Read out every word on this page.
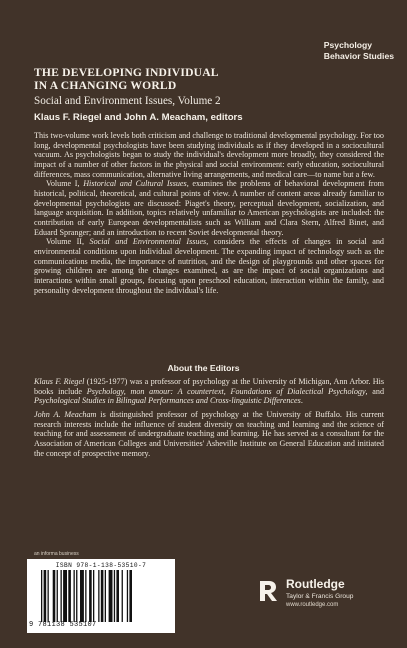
Psychology
Behavior Studies
THE DEVELOPING INDIVIDUAL
IN A CHANGING WORLD
Social and Environment Issues, Volume 2
Klaus F. Riegel and John A. Meacham, editors

This two-volume work levels both criticism and challenge to traditional developmental psychology. For too long, developmental psychologists have been studying individuals as if they developed in a sociocultural vacuum. As psychologists began to study the individual's development more broadly, they considered the impact of a number of other factors in the physical and social environment: early education, sociocultural differences, mass communication, alternative living arrangements, and medical care—to name but a few.

Volume I, Historical and Cultural Issues, examines the problems of behavioral development from historical, political, theoretical, and cultural points of view. A number of content areas already familiar to developmental psychologists are discussed: Piaget's theory, perceptual development, socialization, and language acquisition. In addition, topics relatively unfamiliar to American psychologists are included: the contribution of early European developmentalists such as William and Clara Stern, Alfred Binet, and Eduard Spranger; and an introduction to recent Soviet developmental theory.

Volume II, Social and Environmental Issues, considers the effects of changes in social and environmental conditions upon individual development. The expanding impact of technology such as the communications media, the importance of nutrition, and the design of playgrounds and other spaces for growing children are among the changes examined, as are the impact of social organizations and interactions within small groups, focusing upon preschool education, interaction within the family, and personality development throughout the individual's life.

About the Editors

Klaus F. Riegel (1925-1977) was a professor of psychology at the University of Michigan, Ann Arbor. His books include Psychology, mon amour: A countertext, Foundations of Dialectical Psychology, and Psychological Studies in Bilingual Performances and Cross-linguistic Differences.

John A. Meacham is distinguished professor of psychology at the University of Buffalo. His current research interests include the influence of student diversity on teaching and learning and the science of teaching for and assessment of undergraduate teaching and learning. He has served as a consultant for the Association of American Colleges and Universities' Asheville Institute on General Education and initiated the concept of prospective memory.

an informa business
ISBN 978-1-138-53510-7
9 781138 535107
Routledge
Taylor & Francis Group
www.routledge.com
